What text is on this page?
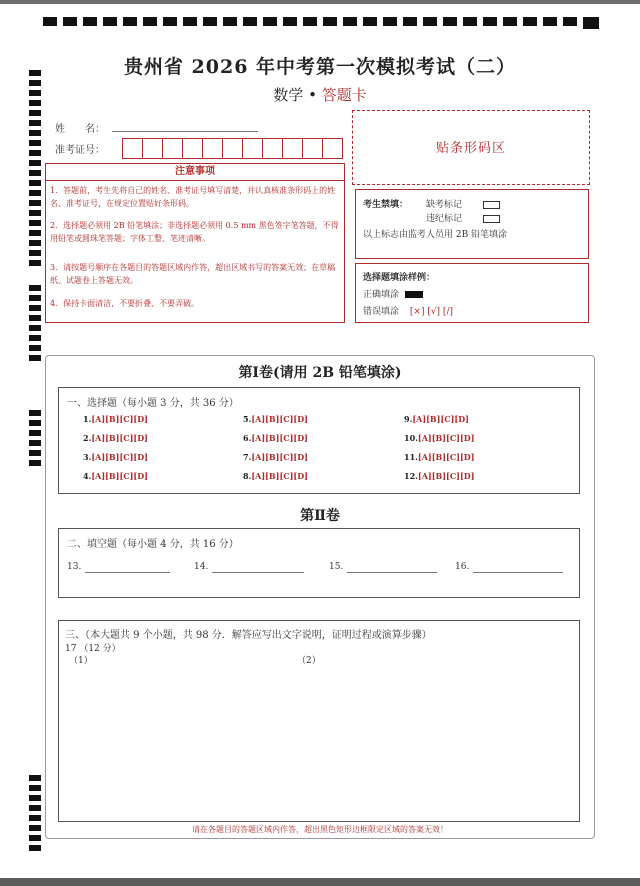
贵州省 2026 年中考第一次模拟考试（二）
数学 • 答题卡
姓　　名：
准考证号：	贴条形码区
注意事项
1．答题前，考生先将自己的姓名、准考证号填写清楚，并认真核准条形码上的姓名、准考证号，在规定位置贴好条形码。
2．选择题必须用 2B 铅笔填涂；非选择题必须用 0.5 mm 黑色签字笔答题，不得用铅笔或圆珠笔答题；字体工整、笔迹清晰。
3．请按题号顺序在各题目的答题区域内作答，超出区域书写的答案无效；在草稿纸、试题卷上答题无效。
4．保持卡面清洁，不要折叠、不要弄破。
考生禁填： 缺考标记
违纪标记
以上标志由监考人员用 2B 铅笔填涂
选择题填涂样例：
正确填涂
错误填涂 [×] [√] [/]
第Ⅰ卷(请用 2B 铅笔填涂)
一、选择题（每小题 3 分，共 36 分）
1.[A][B][C][D]
2.[A][B][C][D]
3.[A][B][C][D]
4.[A][B][C][D]
5.[A][B][C][D]
6.[A][B][C][D]
7.[A][B][C][D]
8.[A][B][C][D]
9.[A][B][C][D]
10.[A][B][C][D]
11.[A][B][C][D]
12.[A][B][C][D]
第Ⅱ卷
二、填空题（每小题 4 分，共 16 分）
13.	14.	15.	16.
三、（本大题共 9 个小题，共 98 分．解答应写出文字说明，证明过程或演算步骤）
17 （12 分）
（1）	（2）
请在各题目的答题区域内作答，超出黑色矩形边框限定区域的答案无效！
